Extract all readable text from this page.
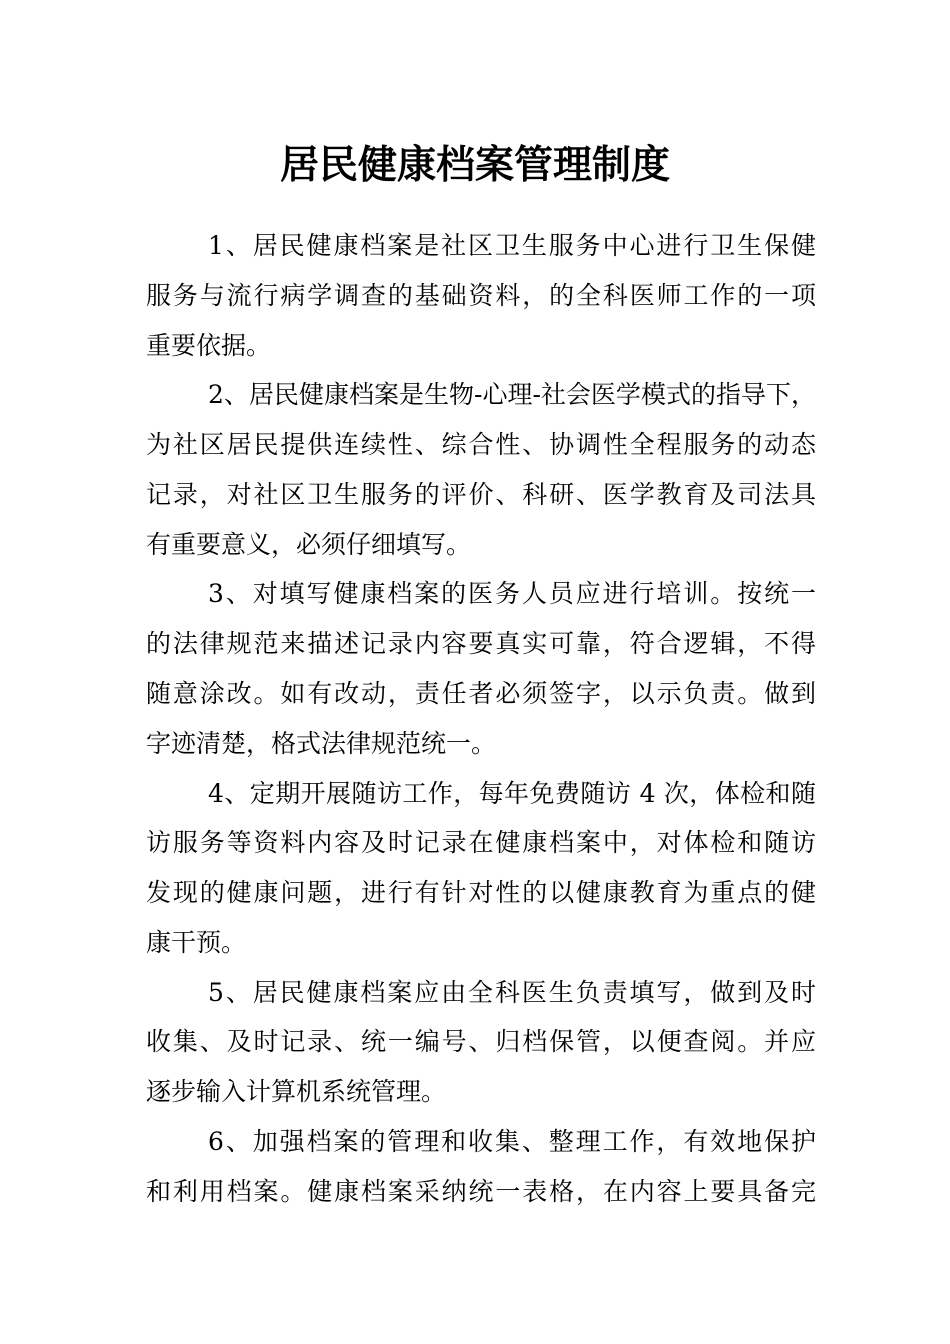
居民健康档案管理制度
1、居民健康档案是社区卫生服务中心进行卫生保健
服务与流行病学调查的基础资料，的全科医师工作的一项
重要依据。
2、居民健康档案是生物-心理-社会医学模式的指导下，
为社区居民提供连续性、综合性、协调性全程服务的动态
记录，对社区卫生服务的评价、科研、医学教育及司法具
有重要意义，必须仔细填写。
3、对填写健康档案的医务人员应进行培训。按统一
的法律规范来描述记录内容要真实可靠，符合逻辑，不得
随意涂改。如有改动，责任者必须签字，以示负责。做到
字迹清楚，格式法律规范统一。
4、定期开展随访工作，每年免费随访 4 次，体检和随
访服务等资料内容及时记录在健康档案中，对体检和随访
发现的健康问题，进行有针对性的以健康教育为重点的健
康干预。
5、居民健康档案应由全科医生负责填写，做到及时
收集、及时记录、统一编号、归档保管，以便查阅。并应
逐步输入计算机系统管理。
6、加强档案的管理和收集、整理工作，有效地保护
和利用档案。健康档案采纳统一表格，在内容上要具备完
